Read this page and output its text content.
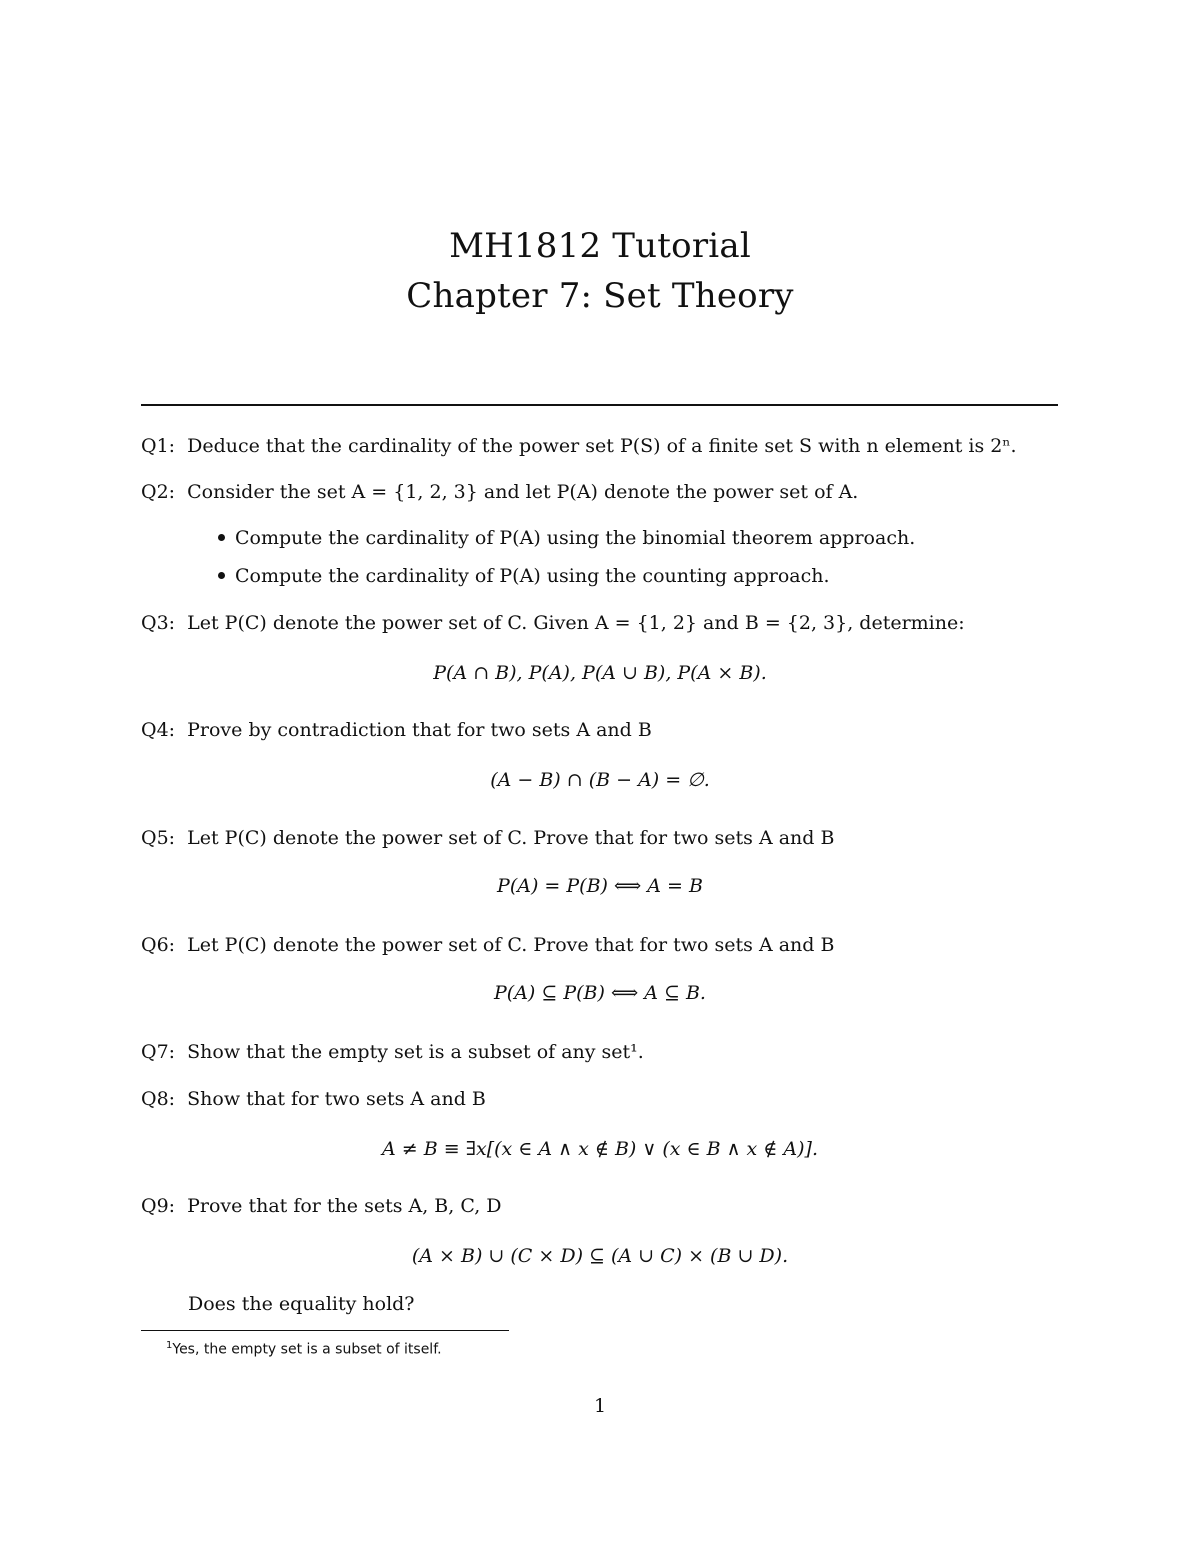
MH1812 Tutorial
Chapter 7: Set Theory
Q1: Deduce that the cardinality of the power set P(S) of a finite set S with n element is 2ⁿ.
Q2: Consider the set A = {1, 2, 3} and let P(A) denote the power set of A.
Compute the cardinality of P(A) using the binomial theorem approach.
Compute the cardinality of P(A) using the counting approach.
Q3: Let P(C) denote the power set of C. Given A = {1, 2} and B = {2, 3}, determine:
P(A ∩ B), P(A), P(A ∪ B), P(A × B).
Q4: Prove by contradiction that for two sets A and B
(A − B) ∩ (B − A) = ∅.
Q5: Let P(C) denote the power set of C. Prove that for two sets A and B
P(A) = P(B) ⟺ A = B
Q6: Let P(C) denote the power set of C. Prove that for two sets A and B
P(A) ⊆ P(B) ⟺ A ⊆ B.
Q7: Show that the empty set is a subset of any set¹.
Q8: Show that for two sets A and B
A ≠ B ≡ ∃x[(x ∈ A ∧ x ∉ B) ∨ (x ∈ B ∧ x ∉ A)].
Q9: Prove that for the sets A, B, C, D
(A × B) ∪ (C × D) ⊆ (A ∪ C) × (B ∪ D).
Does the equality hold?
$^1$Yes, the empty set is a subset of itself.
1
